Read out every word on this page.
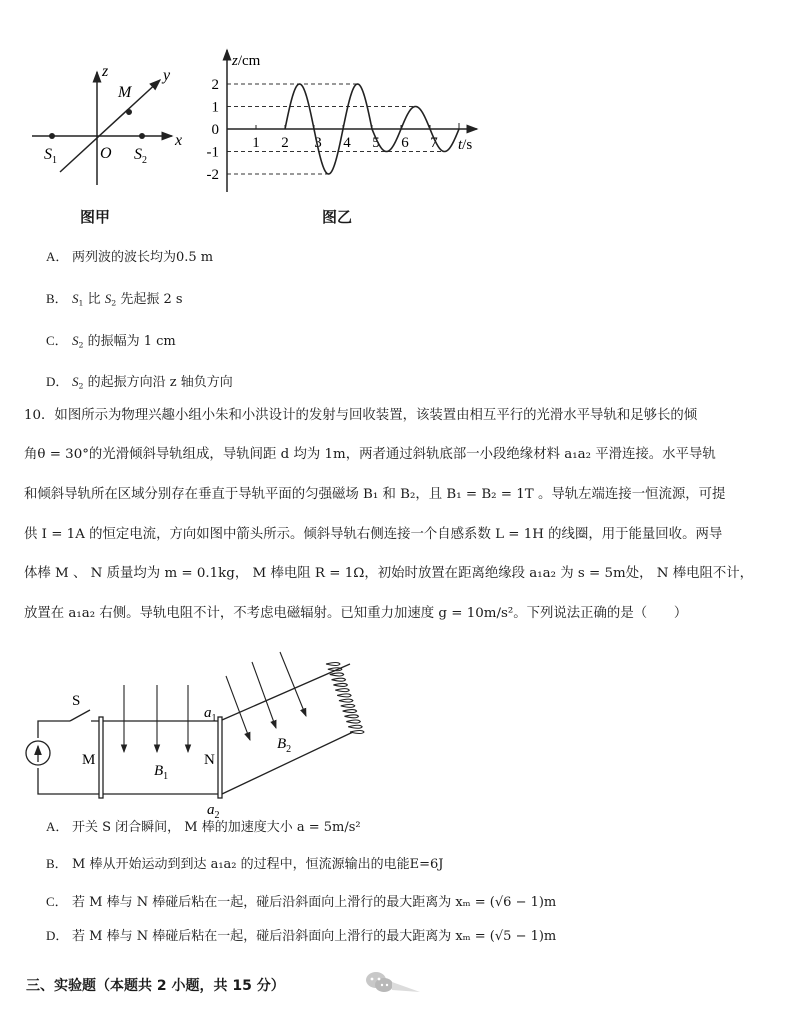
z	y
x
O
M
$S_1$	$S_2$
z/cm
t/s
2
1
0
-1
-2
1 2 3 4 5 6 7
图甲	图乙
A． 两列波的波长均为0.5 m
B． $S_1$ 比 $S_2$ 先起振 2 s
C． $S_2$ 的振幅为 1 cm
D． $S_2$ 的起振方向沿 z 轴负方向
10．如图所示为物理兴趣小组小朱和小洪设计的发射与回收装置，该装置由相互平行的光滑水平导轨和足够长的倾
角θ = 30°的光滑倾斜导轨组成，导轨间距 d 均为 1m，两者通过斜轨底部一小段绝缘材料 a₁a₂ 平滑连接。水平导轨
和倾斜导轨所在区域分别存在垂直于导轨平面的匀强磁场 B₁ 和 B₂，且 B₁ = B₂ = 1T 。导轨左端连接一恒流源，可提
供 I = 1A 的恒定电流，方向如图中箭头所示。倾斜导轨右侧连接一个自感系数 L = 1H 的线圈，用于能量回收。两导
体棒 M 、 N 质量均为 m = 0.1kg， M 棒电阻 R = 1Ω，初始时放置在距离绝缘段 a₁a₂ 为 s = 5m处， N 棒电阻不计，
放置在 a₁a₂ 右侧。导轨电阻不计，不考虑电磁辐射。已知重力加速度 g = 10m/s²。下列说法正确的是（　　）
S
M	N
$B_1$
$a_1$
$a_2$
$B_2$
A． 开关 S 闭合瞬间， M 棒的加速度大小 a = 5m/s²
B． M 棒从开始运动到到达 a₁a₂ 的过程中，恒流源输出的电能E=6J
C． 若 M 棒与 N 棒碰后粘在一起，碰后沿斜面向上滑行的最大距离为 xₘ = (√6 − 1)m
D． 若 M 棒与 N 棒碰后粘在一起，碰后沿斜面向上滑行的最大距离为 xₘ = (√5 − 1)m
三、实验题（本题共 2 小题，共 15 分）
